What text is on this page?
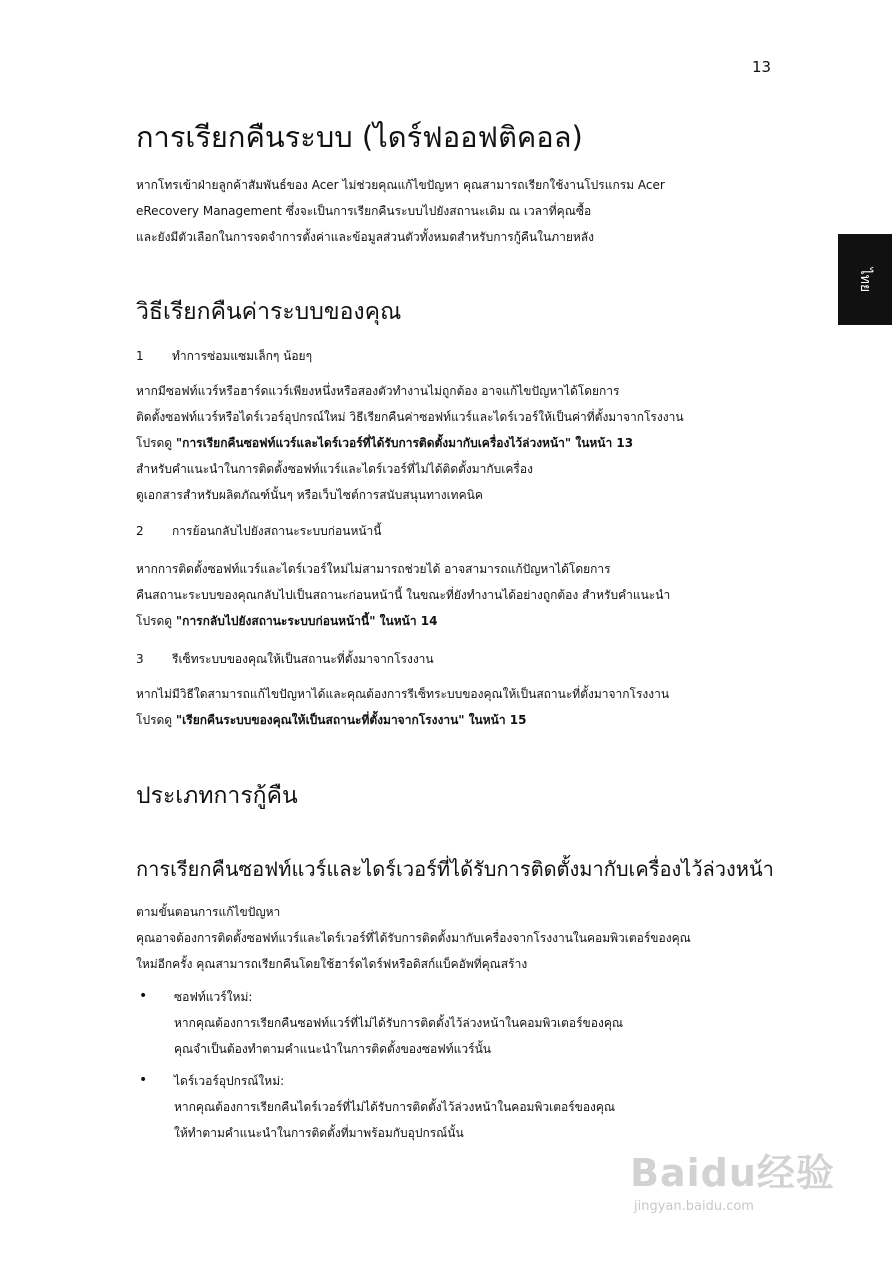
13
ไทย
การเรียกคืนระบบ (ไดร์ฟออฟติคอล)
หากโทรเข้าฝ่ายลูกค้าสัมพันธ์ของ Acer ไม่ช่วยคุณแก้ไขปัญหา คุณสามารถเรียกใช้งานโปรแกรม Acer
eRecovery Management ซึ่งจะเป็นการเรียกคืนระบบไปยังสถานะเดิม ณ เวลาที่คุณซื้อ
และยังมีตัวเลือกในการจดจำการตั้งค่าและข้อมูลส่วนตัวทั้งหมดสำหรับการกู้คืนในภายหลัง
วิธีเรียกคืนค่าระบบของคุณ
1 ทำการซ่อมแซมเล็กๆ น้อยๆ
หากมีซอฟท์แวร์หรือฮาร์ดแวร์เพียงหนึ่งหรือสองตัวทำงานไม่ถูกต้อง อาจแก้ไขปัญหาได้โดยการ
ติดตั้งซอฟท์แวร์หรือไดร์เวอร์อุปกรณ์ใหม่ วิธีเรียกคืนค่าซอฟท์แวร์และไดร์เวอร์ให้เป็นค่าที่ตั้งมาจากโรงงาน
โปรดดู "การเรียกคืนซอฟท์แวร์และไดร์เวอร์ที่ได้รับการติดตั้งมากับเครื่องไว้ล่วงหน้า" ในหน้า 13
สำหรับคำแนะนำในการติดตั้งซอฟท์แวร์และไดร์เวอร์ที่ไม่ได้ติดตั้งมากับเครื่อง
ดูเอกสารสำหรับผลิตภัณฑ์นั้นๆ หรือเว็บไซต์การสนับสนุนทางเทคนิค
2 การย้อนกลับไปยังสถานะระบบก่อนหน้านี้
หากการติดตั้งซอฟท์แวร์และไดร์เวอร์ใหม่ไม่สามารถช่วยได้ อาจสามารถแก้ปัญหาได้โดยการ
คืนสถานะระบบของคุณกลับไปเป็นสถานะก่อนหน้านี้ ในขณะที่ยังทำงานได้อย่างถูกต้อง สำหรับคำแนะนำ
โปรดดู "การกลับไปยังสถานะระบบก่อนหน้านี้" ในหน้า 14
3 รีเซ็ทระบบของคุณให้เป็นสถานะที่ตั้งมาจากโรงงาน
หากไม่มีวิธีใดสามารถแก้ไขปัญหาได้และคุณต้องการรีเซ็ทระบบของคุณให้เป็นสถานะที่ตั้งมาจากโรงงาน
โปรดดู "เรียกคืนระบบของคุณให้เป็นสถานะที่ตั้งมาจากโรงงาน" ในหน้า 15
ประเภทการกู้คืน
การเรียกคืนซอฟท์แวร์และไดร์เวอร์ที่ได้รับการติดตั้งมากับเครื่องไว้ล่วงหน้า
ตามขั้นตอนการแก้ไขปัญหา
คุณอาจต้องการติดตั้งซอฟท์แวร์และไดร์เวอร์ที่ได้รับการติดตั้งมากับเครื่องจากโรงงานในคอมพิวเตอร์ของคุณ
ใหม่อีกครั้ง คุณสามารถเรียกคืนโดยใช้ฮาร์ดไดร์ฟหรือดิสก์แบ็คอัพที่คุณสร้าง
• ซอฟท์แวร์ใหม่:
หากคุณต้องการเรียกคืนซอฟท์แวร์ที่ไม่ได้รับการติดตั้งไว้ล่วงหน้าในคอมพิวเตอร์ของคุณ
คุณจำเป็นต้องทำตามคำแนะนำในการติดตั้งของซอฟท์แวร์นั้น
• ไดร์เวอร์อุปกรณ์ใหม่:
หากคุณต้องการเรียกคืนไดร์เวอร์ที่ไม่ได้รับการติดตั้งไว้ล่วงหน้าในคอมพิวเตอร์ของคุณ
ให้ทำตามคำแนะนำในการติดตั้งที่มาพร้อมกับอุปกรณ์นั้น
Baidu经验
jingyan.baidu.com
